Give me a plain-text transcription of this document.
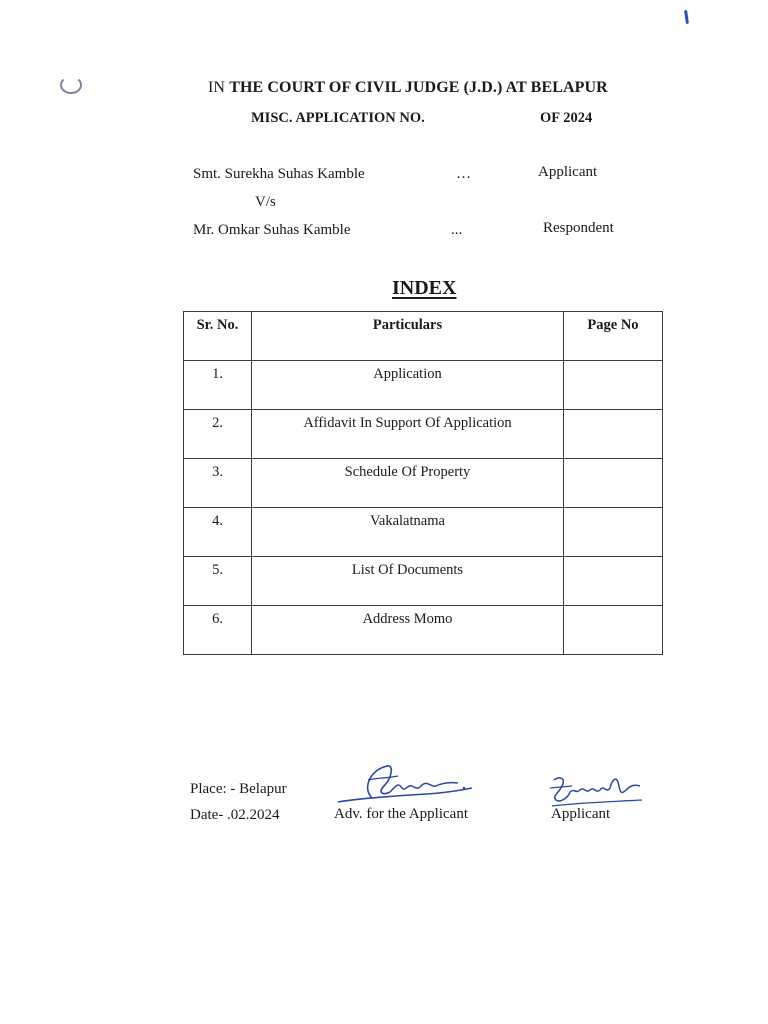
IN THE COURT OF CIVIL JUDGE (J.D.) AT BELAPUR
MISC. APPLICATION NO.	OF 2024
Smt. Surekha Suhas Kamble	…	Applicant
V/s
Mr. Omkar Suhas Kamble	...	Respondent
INDEX
Sr. No.	Particulars	Page No
1.	Application	
2.	Affidavit In Support Of Application	
3.	Schedule Of Property	
4.	Vakalatnama	
5.	List Of Documents	
6.	Address Momo	
Place: - Belapur
Date- .02.2024	Adv. for the Applicant	Applicant
